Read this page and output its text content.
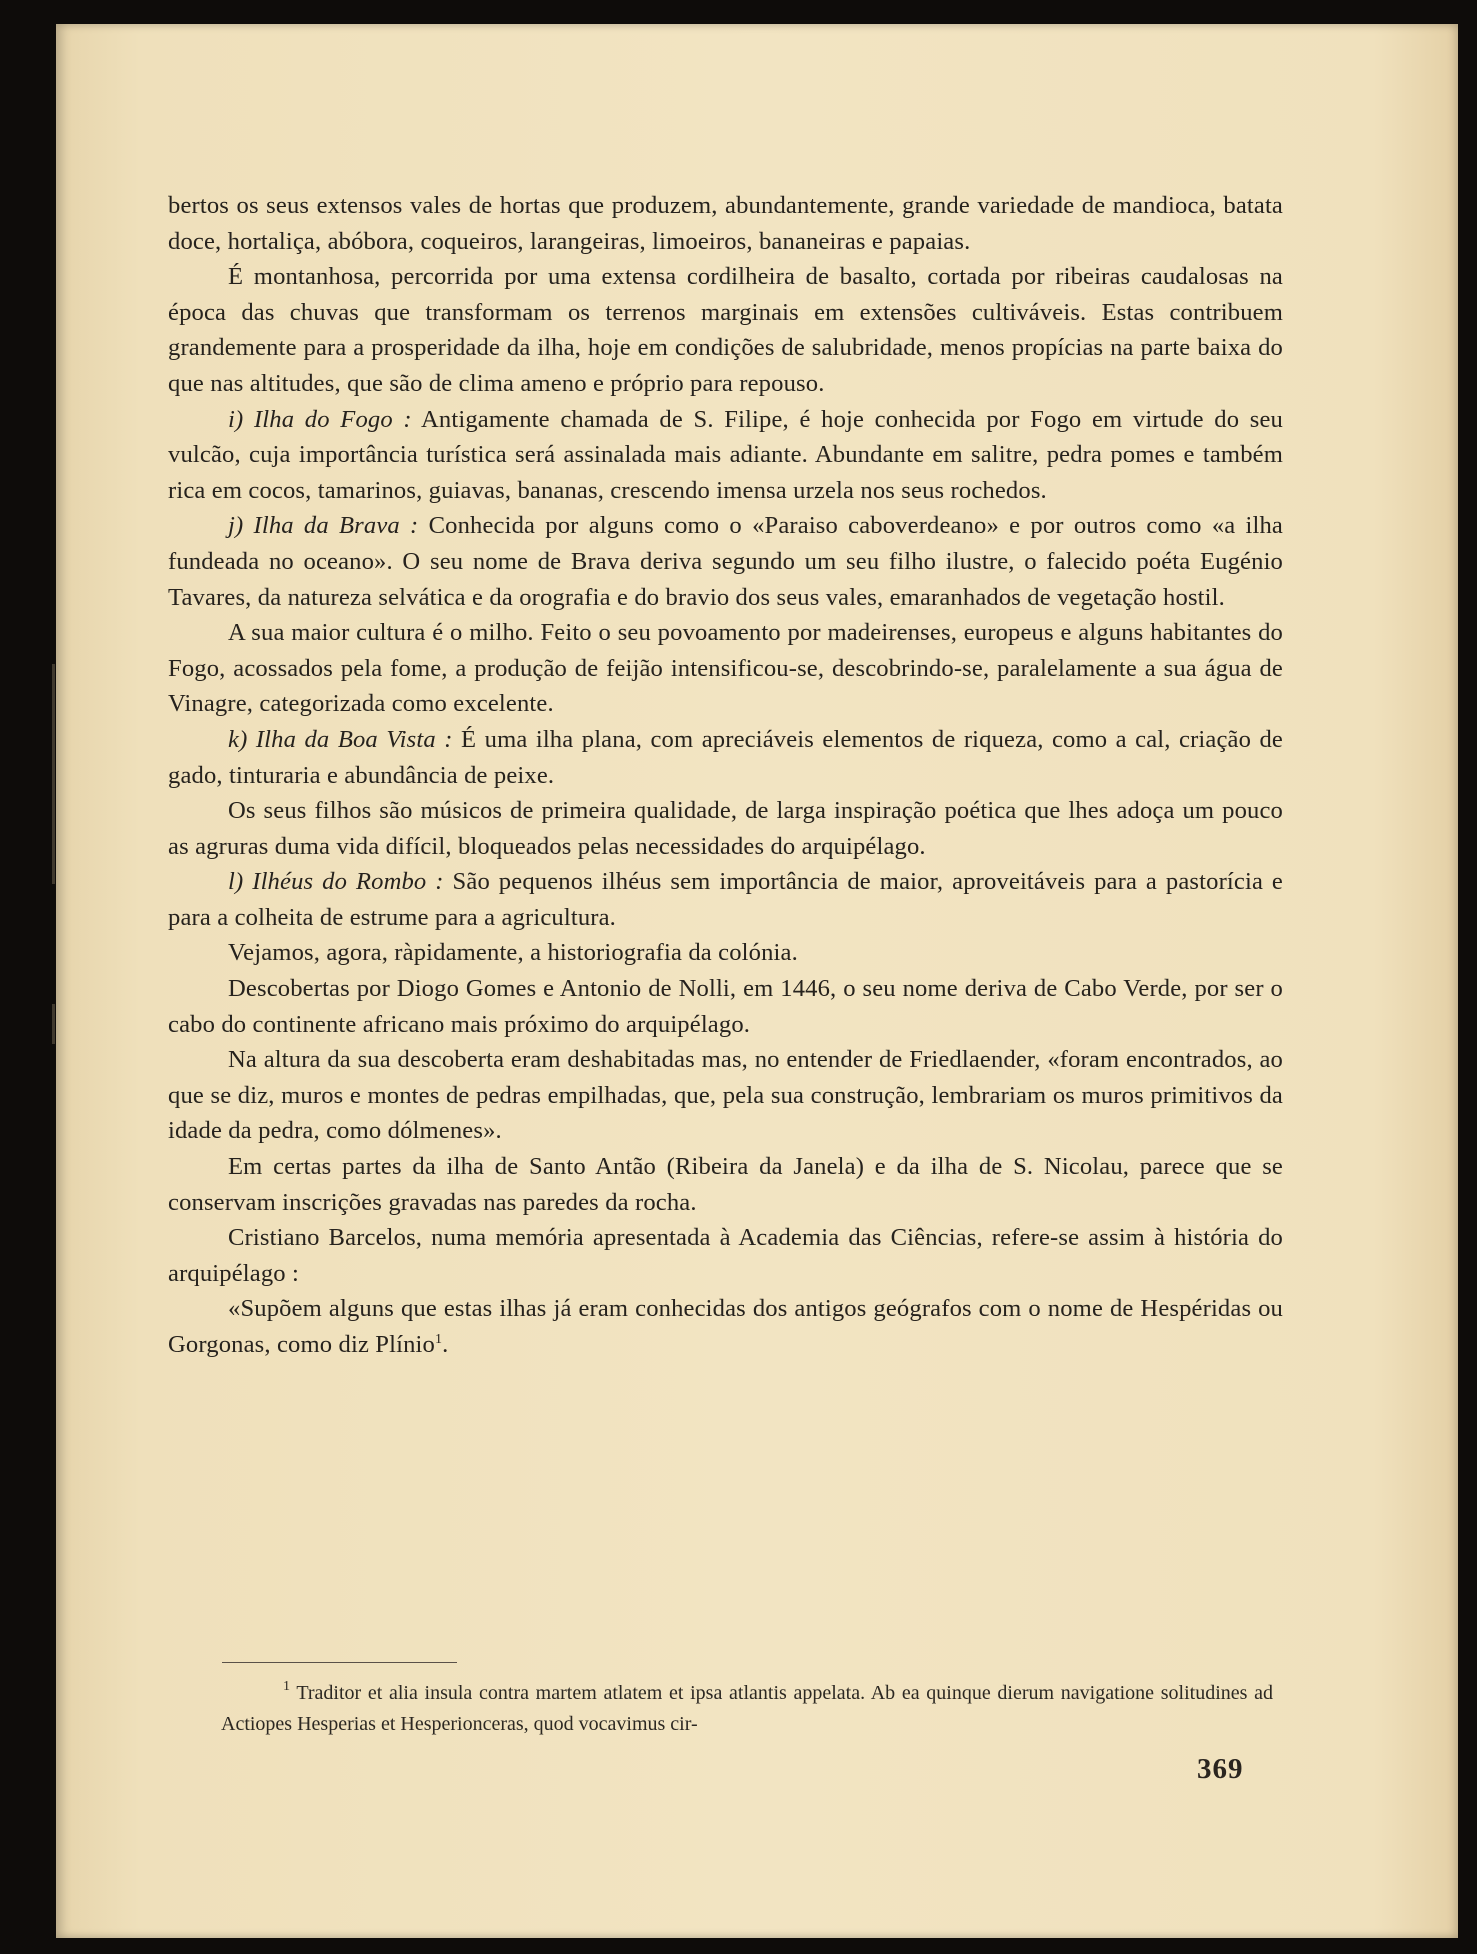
bertos os seus extensos vales de hortas que produzem, abundantemente, grande variedade de mandioca, batata doce, hortaliça, abóbora, coqueiros, larangeiras, limoeiros, bananeiras e papaias.

É montanhosa, percorrida por uma extensa cordilheira de basalto, cortada por ribeiras caudalosas na época das chuvas que transformam os terrenos marginais em extensões cultiváveis. Estas contribuem grandemente para a prosperidade da ilha, hoje em condições de salubridade, menos propícias na parte baixa do que nas altitudes, que são de clima ameno e próprio para repouso.

i) Ilha do Fogo : Antigamente chamada de S. Filipe, é hoje conhecida por Fogo em virtude do seu vulcão, cuja importância turística será assinalada mais adiante. Abundante em salitre, pedra pomes e também rica em cocos, tamarinos, guiavas, bananas, crescendo imensa urzela nos seus rochedos.

j) Ilha da Brava : Conhecida por alguns como o «Paraiso caboverdeano» e por outros como «a ilha fundeada no oceano». O seu nome de Brava deriva segundo um seu filho ilustre, o falecido poéta Eugénio Tavares, da natureza selvática e da orografia e do bravio dos seus vales, emaranhados de vegetação hostil.

A sua maior cultura é o milho. Feito o seu povoamento por madeirenses, europeus e alguns habitantes do Fogo, acossados pela fome, a produção de feijão intensificou-se, descobrindo-se, paralelamente a sua água de Vinagre, categorizada como excelente.

k) Ilha da Boa Vista : É uma ilha plana, com apreciáveis elementos de riqueza, como a cal, criação de gado, tinturaria e abundância de peixe.

Os seus filhos são músicos de primeira qualidade, de larga inspiração poética que lhes adoça um pouco as agruras duma vida difícil, bloqueados pelas necessidades do arquipélago.

l) Ilhéus do Rombo : São pequenos ilhéus sem importância de maior, aproveitáveis para a pastorícia e para a colheita de estrume para a agricultura.

Vejamos, agora, ràpidamente, a historiografia da colónia.

Descobertas por Diogo Gomes e Antonio de Nolli, em 1446, o seu nome deriva de Cabo Verde, por ser o cabo do continente africano mais próximo do arquipélago.

Na altura da sua descoberta eram deshabitadas mas, no entender de Friedlaender, «foram encontrados, ao que se diz, muros e montes de pedras empilhadas, que, pela sua construção, lembrariam os muros primitivos da idade da pedra, como dólmenes».

Em certas partes da ilha de Santo Antão (Ribeira da Janela) e da ilha de S. Nicolau, parece que se conservam inscrições gravadas nas paredes da rocha.

Cristiano Barcelos, numa memória apresentada à Academia das Ciências, refere-se assim à história do arquipélago :

«Supõem alguns que estas ilhas já eram conhecidas dos antigos geógrafos com o nome de Hespéridas ou Gorgonas, como diz Plínio$^1$.

$^1$ Traditor et alia insula contra martem atlatem et ipsa atlantis appelata. Ab ea quinque dierum navigatione solitudines ad Actiopes Hesperias et Hesperionceras, quod vocavimus cir-

369
